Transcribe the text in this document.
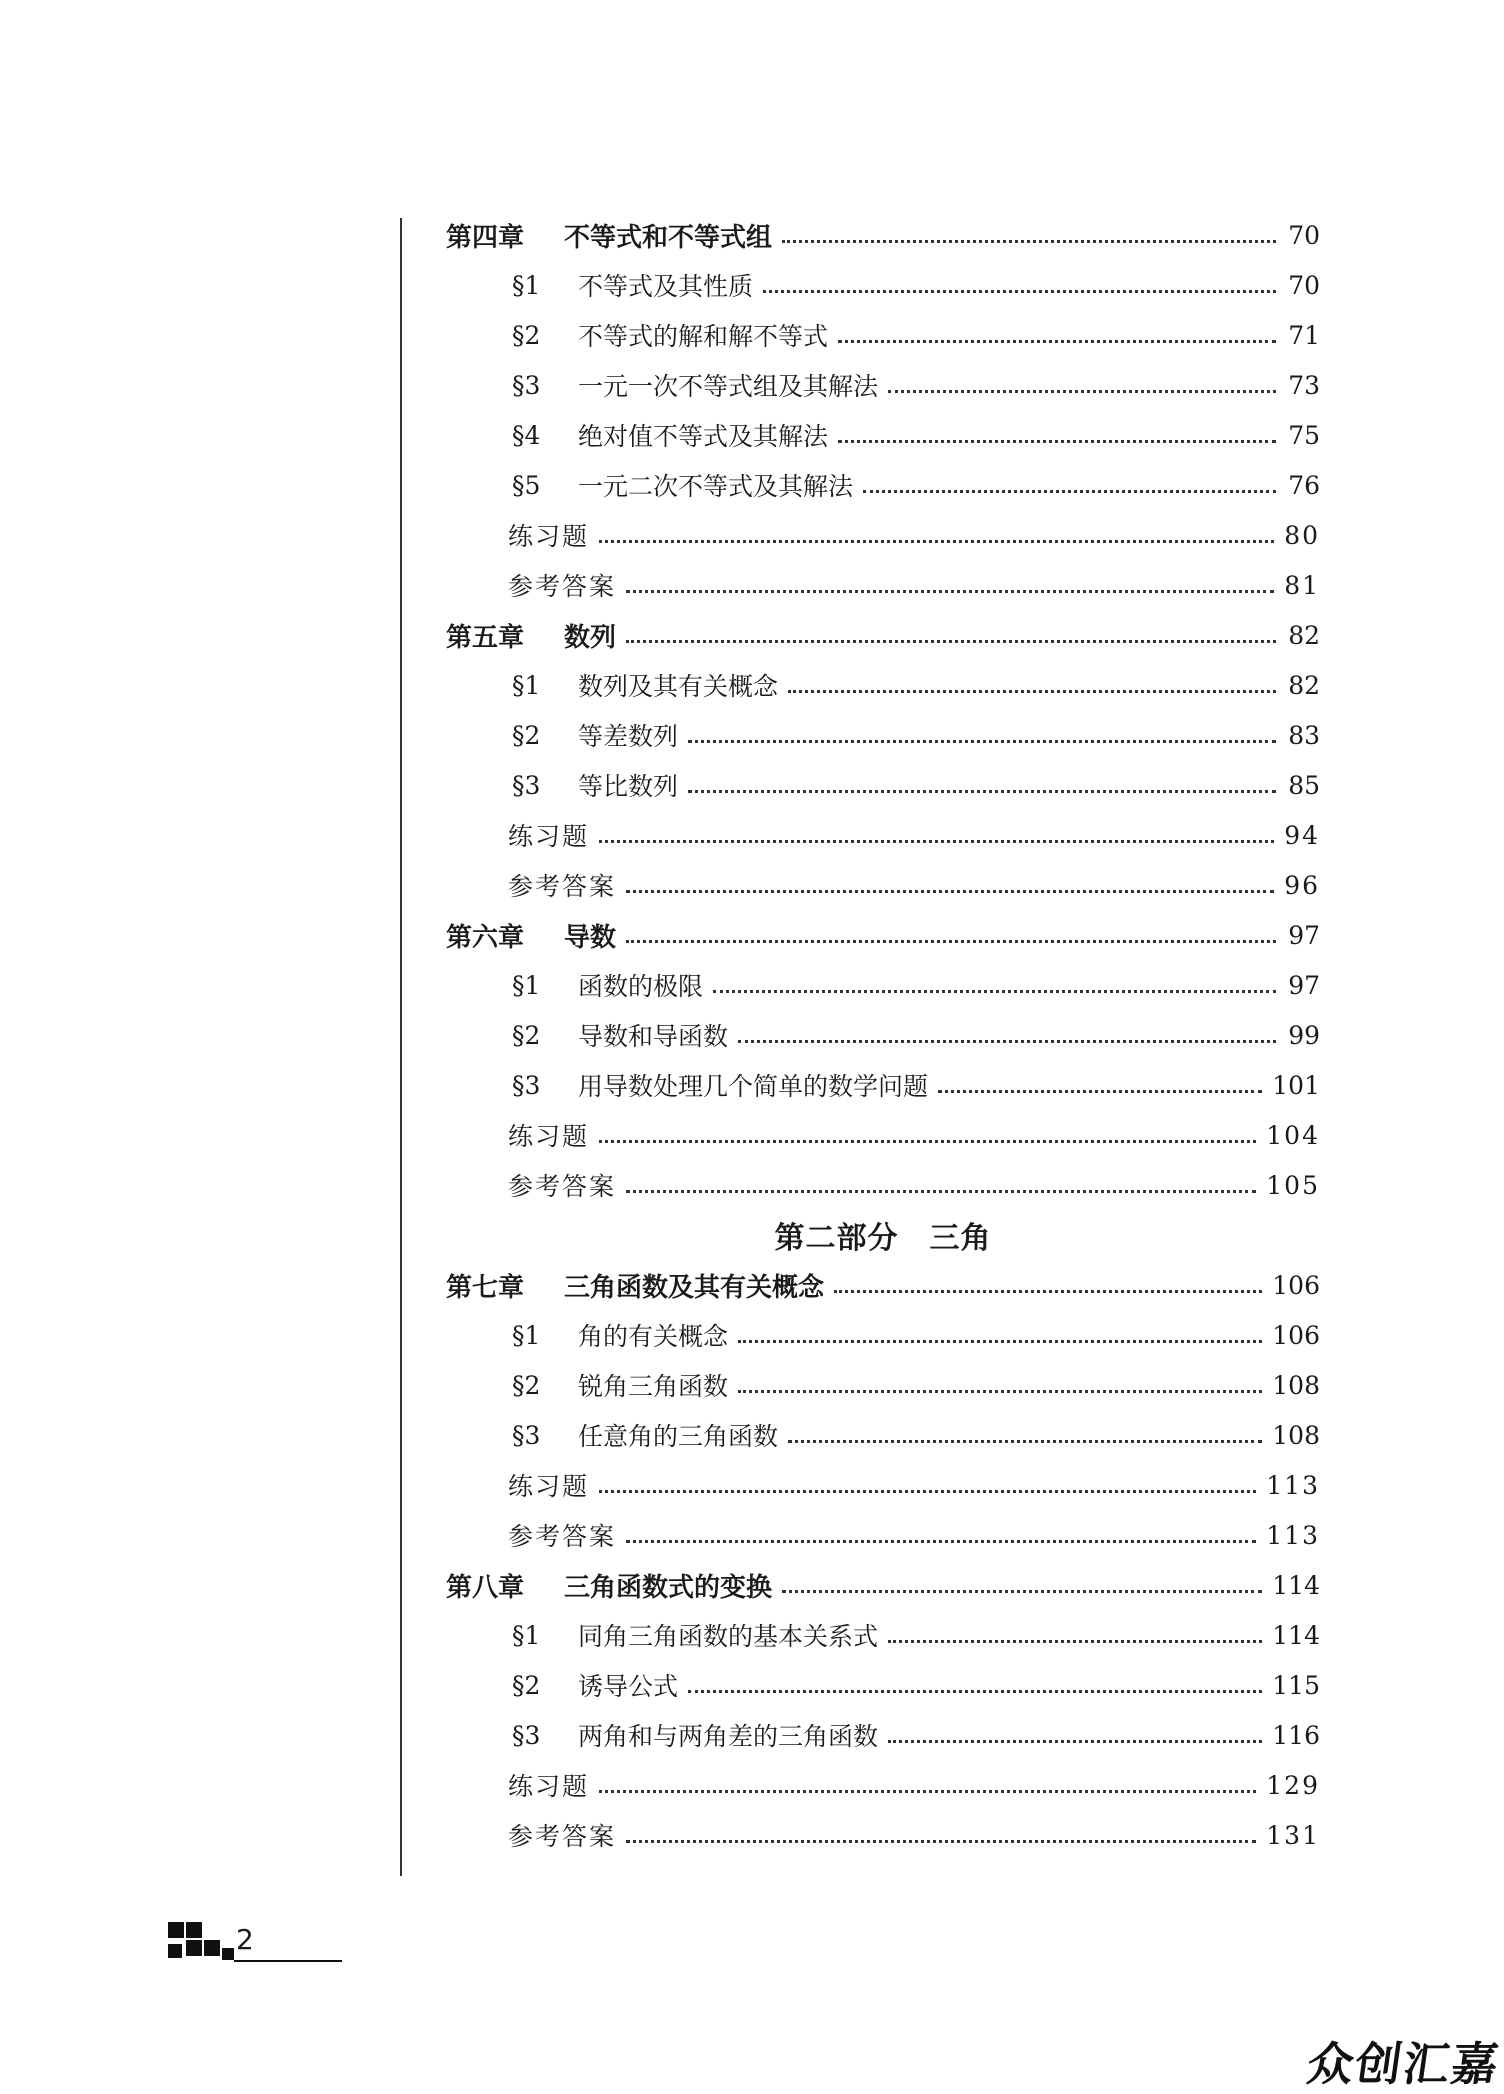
第四章	不等式和不等式组	70
§1	不等式及其性质	70
§2	不等式的解和解不等式	71
§3	一元一次不等式组及其解法	73
§4	绝对值不等式及其解法	75
§5	一元二次不等式及其解法	76
练习题	80
参考答案	81
第五章	数列	82
§1	数列及其有关概念	82
§2	等差数列	83
§3	等比数列	85
练习题	94
参考答案	96
第六章	导数	97
§1	函数的极限	97
§2	导数和导函数	99
§3	用导数处理几个简单的数学问题	101
练习题	104
参考答案	105
第二部分　三角
第七章	三角函数及其有关概念	106
§1	角的有关概念	106
§2	锐角三角函数	108
§3	任意角的三角函数	108
练习题	113
参考答案	113
第八章	三角函数式的变换	114
§1	同角三角函数的基本关系式	114
§2	诱导公式	115
§3	两角和与两角差的三角函数	116
练习题	129
参考答案	131
2
众创汇嘉
